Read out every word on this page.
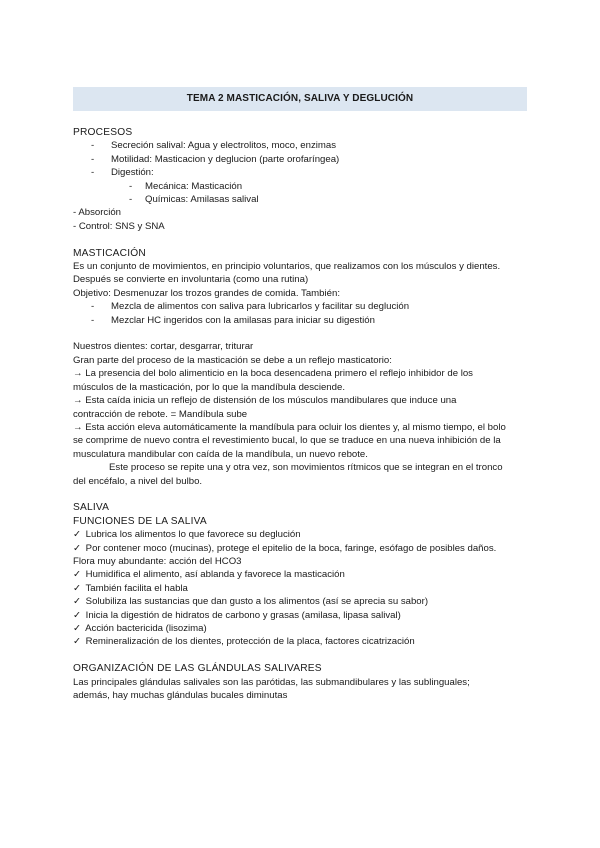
TEMA 2 MASTICACIÓN, SALIVA Y DEGLUCIÓN
PROCESOS
-	Secreción salival: Agua y electrolitos, moco, enzimas
-	Motilidad: Masticacion y deglucion (parte orofaríngea)
-	Digestión:
-	Mecánica: Masticación
-	Químicas: Amilasas salival
- Absorción
- Control: SNS y SNA
MASTICACIÓN
Es un conjunto de movimientos, en principio voluntarios, que realizamos con los músculos y dientes.
Después se convierte en involuntaria (como una rutina)
Objetivo: Desmenuzar los trozos grandes de comida. También:
-	Mezcla de alimentos con saliva para lubricarlos y facilitar su deglución
-	Mezclar HC ingeridos con la amilasas para iniciar su digestión
Nuestros dientes: cortar, desgarrar, triturar
Gran parte del proceso de la masticación se debe a un reflejo masticatorio:
→ La presencia del bolo alimenticio en la boca desencadena primero el reflejo inhibidor de los
músculos de la masticación, por lo que la mandíbula desciende.
→ Esta caída inicia un reflejo de distensión de los músculos mandibulares que induce una
contracción de rebote. = Mandíbula sube
→ Esta acción eleva automáticamente la mandíbula para ocluir los dientes y, al mismo tiempo, el bolo
se comprime de nuevo contra el revestimiento bucal, lo que se traduce en una nueva inhibición de la
musculatura mandibular con caída de la mandíbula, un nuevo rebote.
Este proceso se repite una y otra vez, son movimientos rítmicos que se integran en el tronco
del encéfalo, a nivel del bulbo.
SALIVA
FUNCIONES DE LA SALIVA
✓ Lubrica los alimentos lo que favorece su deglución
✓ Por contener moco (mucinas), protege el epitelio de la boca, faringe, esófago de posibles daños.
Flora muy abundante: acción del HCO3
✓ Humidifica el alimento, así ablanda y favorece la masticación
✓ También facilita el habla
✓ Solubiliza las sustancias que dan gusto a los alimentos (así se aprecia su sabor)
✓ Inicia la digestión de hidratos de carbono y grasas (amilasa, lipasa salival)
✓ Acción bactericida (lisozima)
✓ Remineralización de los dientes, protección de la placa, factores cicatrización
ORGANIZACIÓN DE LAS GLÁNDULAS SALIVARES
Las principales glándulas salivales son las parótidas, las submandibulares y las sublinguales;
además, hay muchas glándulas bucales diminutas
